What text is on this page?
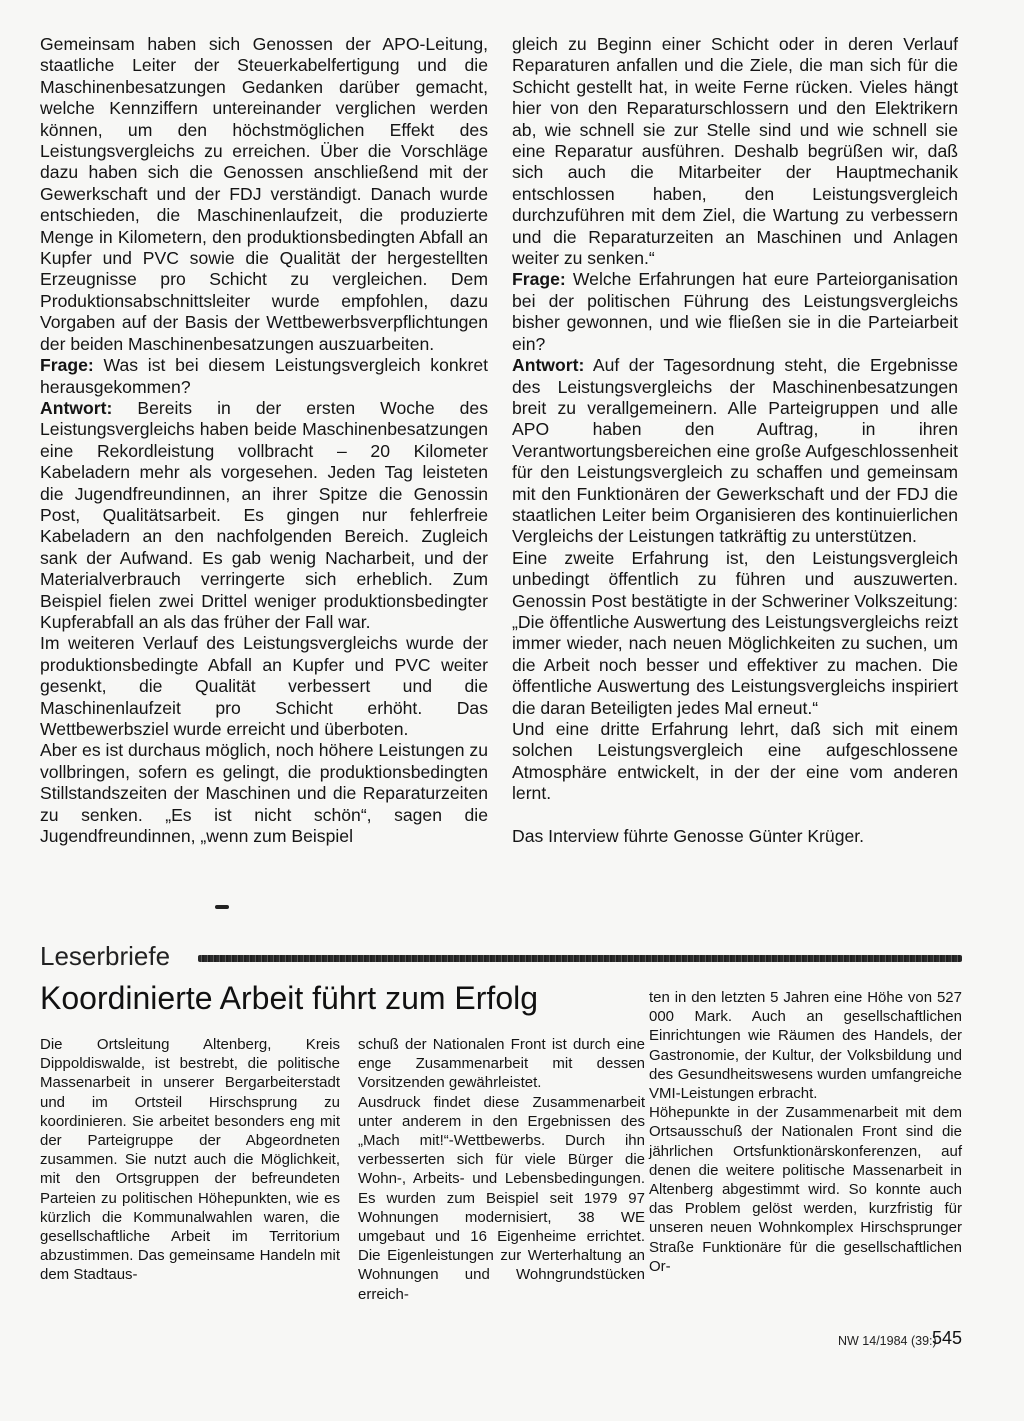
Gemeinsam haben sich Genossen der APO-Leitung, staatliche Leiter der Steuerkabelfertigung und die Maschinenbesatzungen Gedanken darüber gemacht, welche Kennziffern untereinander verglichen werden können, um den höchstmöglichen Effekt des Leistungsvergleichs zu erreichen. Über die Vorschläge dazu haben sich die Genossen anschließend mit der Gewerkschaft und der FDJ verständigt. Danach wurde entschieden, die Maschinenlaufzeit, die produzierte Menge in Kilometern, den produktionsbedingten Abfall an Kupfer und PVC sowie die Qualität der hergestellten Erzeugnisse pro Schicht zu vergleichen. Dem Produktionsabschnittsleiter wurde empfohlen, dazu Vorgaben auf der Basis der Wettbewerbsverpflichtungen der beiden Maschinenbesatzungen auszuarbeiten.

Frage: Was ist bei diesem Leistungsvergleich konkret herausgekommen?

Antwort: Bereits in der ersten Woche des Leistungsvergleichs haben beide Maschinenbesatzungen eine Rekordleistung vollbracht – 20 Kilometer Kabeladern mehr als vorgesehen. Jeden Tag leisteten die Jugendfreundinnen, an ihrer Spitze die Genossin Post, Qualitätsarbeit. Es gingen nur fehlerfreie Kabeladern an den nachfolgenden Bereich. Zugleich sank der Aufwand. Es gab wenig Nacharbeit, und der Materialverbrauch verringerte sich erheblich. Zum Beispiel fielen zwei Drittel weniger produktionsbedingter Kupferabfall an als das früher der Fall war.

Im weiteren Verlauf des Leistungsvergleichs wurde der produktionsbedingte Abfall an Kupfer und PVC weiter gesenkt, die Qualität verbessert und die Maschinenlaufzeit pro Schicht erhöht. Das Wettbewerbsziel wurde erreicht und überboten.

Aber es ist durchaus möglich, noch höhere Leistungen zu vollbringen, sofern es gelingt, die produktionsbedingten Stillstandszeiten der Maschinen und die Reparaturzeiten zu senken. „Es ist nicht schön“, sagen die Jugendfreundinnen, „wenn zum Beispiel

gleich zu Beginn einer Schicht oder in deren Verlauf Reparaturen anfallen und die Ziele, die man sich für die Schicht gestellt hat, in weite Ferne rücken. Vieles hängt hier von den Reparaturschlossern und den Elektrikern ab, wie schnell sie zur Stelle sind und wie schnell sie eine Reparatur ausführen. Deshalb begrüßen wir, daß sich auch die Mitarbeiter der Hauptmechanik entschlossen haben, den Leistungsvergleich durchzuführen mit dem Ziel, die Wartung zu verbessern und die Reparaturzeiten an Maschinen und Anlagen weiter zu senken.“

Frage: Welche Erfahrungen hat eure Parteiorganisation bei der politischen Führung des Leistungsvergleichs bisher gewonnen, und wie fließen sie in die Parteiarbeit ein?

Antwort: Auf der Tagesordnung steht, die Ergebnisse des Leistungsvergleichs der Maschinenbesatzungen breit zu verallgemeinern. Alle Parteigruppen und alle APO haben den Auftrag, in ihren Verantwortungsbereichen eine große Aufgeschlossenheit für den Leistungsvergleich zu schaffen und gemeinsam mit den Funktionären der Gewerkschaft und der FDJ die staatlichen Leiter beim Organisieren des kontinuierlichen Vergleichs der Leistungen tatkräftig zu unterstützen.

Eine zweite Erfahrung ist, den Leistungsvergleich unbedingt öffentlich zu führen und auszuwerten. Genossin Post bestätigte in der Schweriner Volkszeitung: „Die öffentliche Auswertung des Leistungsvergleichs reizt immer wieder, nach neuen Möglichkeiten zu suchen, um die Arbeit noch besser und effektiver zu machen. Die öffentliche Auswertung des Leistungsvergleichs inspiriert die daran Beteiligten jedes Mal erneut.“

Und eine dritte Erfahrung lehrt, daß sich mit einem solchen Leistungsvergleich eine aufgeschlossene Atmosphäre entwickelt, in der der eine vom anderen lernt.

Das Interview führte Genosse Günter Krüger.

Leserbriefe
Koordinierte Arbeit führt zum Erfolg

Die Ortsleitung Altenberg, Kreis Dippoldiswalde, ist bestrebt, die politische Massenarbeit in unserer Bergarbeiterstadt und im Ortsteil Hirschsprung zu koordinieren. Sie arbeitet besonders eng mit der Parteigruppe der Abgeordneten zusammen. Sie nutzt auch die Möglichkeit, mit den Ortsgruppen der befreundeten Parteien zu politischen Höhepunkten, wie es kürzlich die Kommunalwahlen waren, die gesellschaftliche Arbeit im Territorium abzustimmen. Das gemeinsame Handeln mit dem Stadtaus-

schuß der Nationalen Front ist durch eine enge Zusammenarbeit mit dessen Vorsitzenden gewährleistet.

Ausdruck findet diese Zusammenarbeit unter anderem in den Ergebnissen des „Mach mit!“-Wettbewerbs. Durch ihn verbesserten sich für viele Bürger die Wohn-, Arbeits- und Lebensbedingungen. Es wurden zum Beispiel seit 1979 97 Wohnungen modernisiert, 38 WE umgebaut und 16 Eigenheime errichtet. Die Eigenleistungen zur Werterhaltung an Wohnungen und Wohngrundstücken erreich-

ten in den letzten 5 Jahren eine Höhe von 527 000 Mark. Auch an gesellschaftlichen Einrichtungen wie Räumen des Handels, der Gastronomie, der Kultur, der Volksbildung und des Gesundheitswesens wurden umfangreiche VMI-Leistungen erbracht.

Höhepunkte in der Zusammenarbeit mit dem Ortsausschuß der Nationalen Front sind die jährlichen Ortsfunktionärskonferenzen, auf denen die weitere politische Massenarbeit in Altenberg abgestimmt wird. So konnte auch das Problem gelöst werden, kurzfristig für unseren neuen Wohnkomplex Hirschsprunger Straße Funktionäre für die gesellschaftlichen Or-

NW 14/1984 (39:)
545
